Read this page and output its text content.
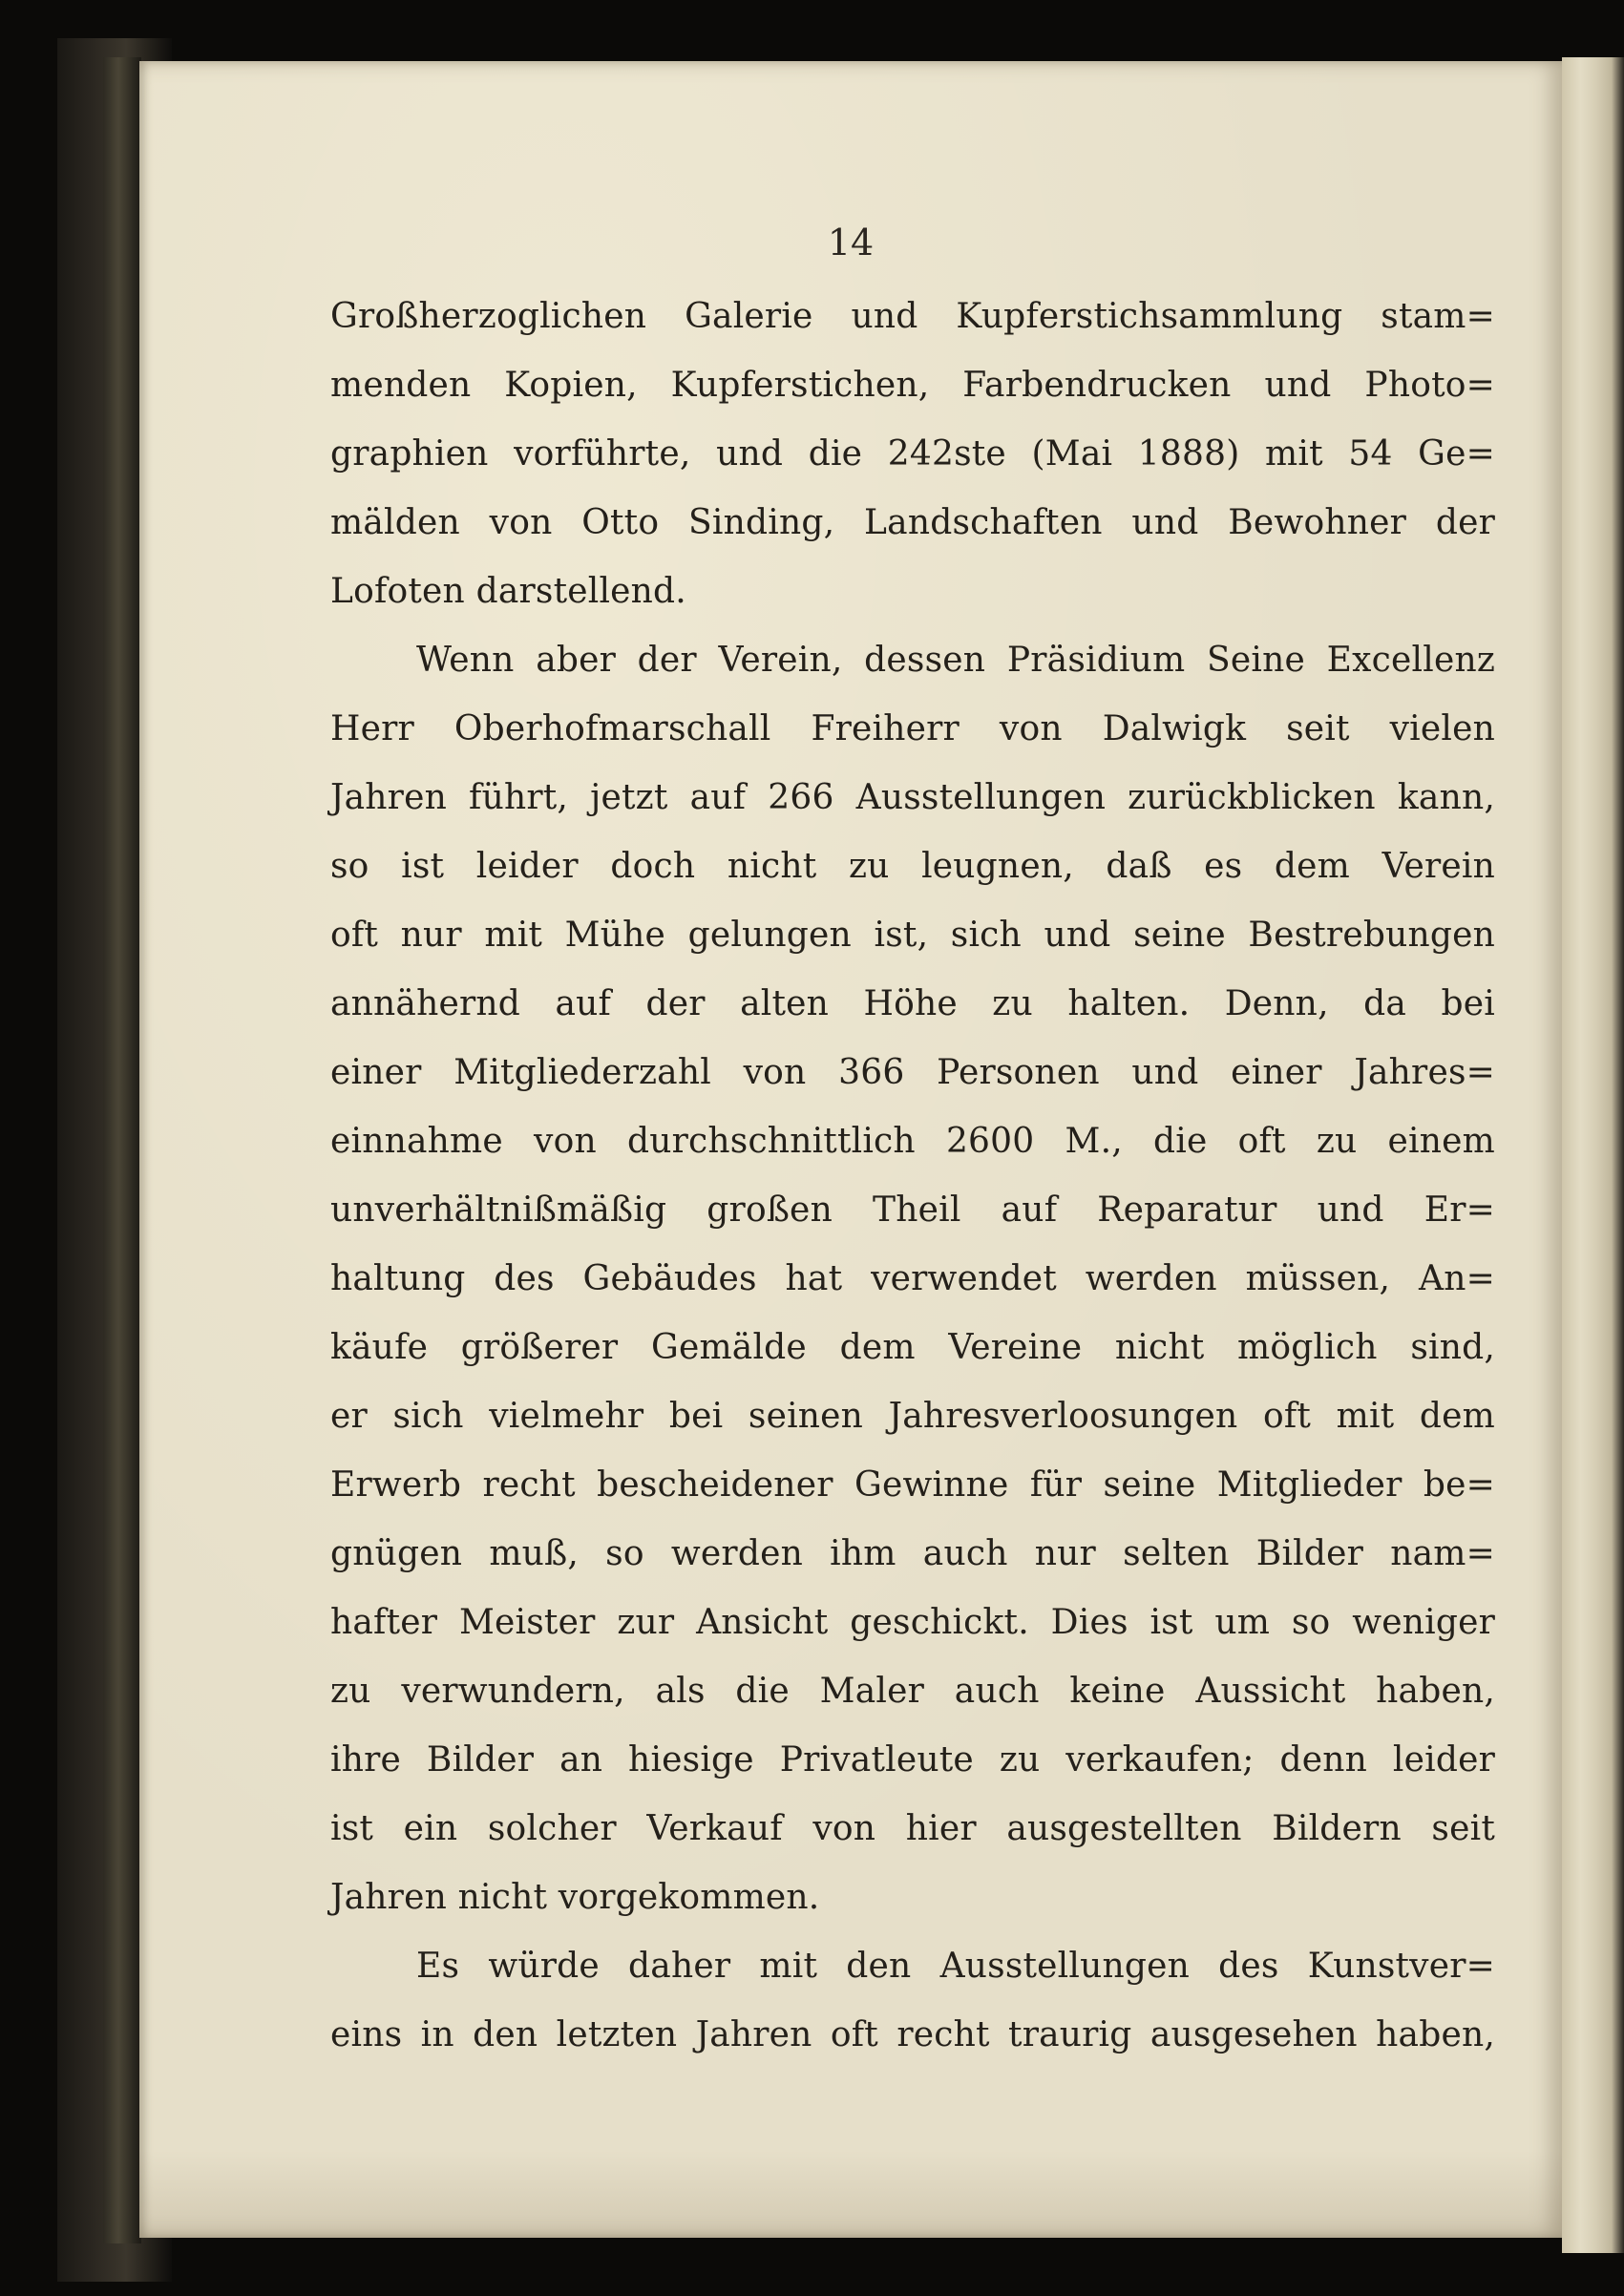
14
Großherzoglichen Galerie und Kupferstichsammlung stam=
menden Kopien, Kupferstichen, Farbendrucken und Photo=
graphien vorführte, und die 242ste (Mai 1888) mit 54 Ge=
mälden von Otto Sinding, Landschaften und Bewohner der
Lofoten darstellend.
Wenn aber der Verein, dessen Präsidium Seine Excellenz
Herr Oberhofmarschall Freiherr von Dalwigk seit vielen
Jahren führt, jetzt auf 266 Ausstellungen zurückblicken kann,
so ist leider doch nicht zu leugnen, daß es dem Verein
oft nur mit Mühe gelungen ist, sich und seine Bestrebungen
annähernd auf der alten Höhe zu halten. Denn, da bei
einer Mitgliederzahl von 366 Personen und einer Jahres=
einnahme von durchschnittlich 2600 M., die oft zu einem
unverhältnißmäßig großen Theil auf Reparatur und Er=
haltung des Gebäudes hat verwendet werden müssen, An=
käufe größerer Gemälde dem Vereine nicht möglich sind,
er sich vielmehr bei seinen Jahresverloosungen oft mit dem
Erwerb recht bescheidener Gewinne für seine Mitglieder be=
gnügen muß, so werden ihm auch nur selten Bilder nam=
hafter Meister zur Ansicht geschickt. Dies ist um so weniger
zu verwundern, als die Maler auch keine Aussicht haben,
ihre Bilder an hiesige Privatleute zu verkaufen; denn leider
ist ein solcher Verkauf von hier ausgestellten Bildern seit
Jahren nicht vorgekommen.
Es würde daher mit den Ausstellungen des Kunstver=
eins in den letzten Jahren oft recht traurig ausgesehen haben,
